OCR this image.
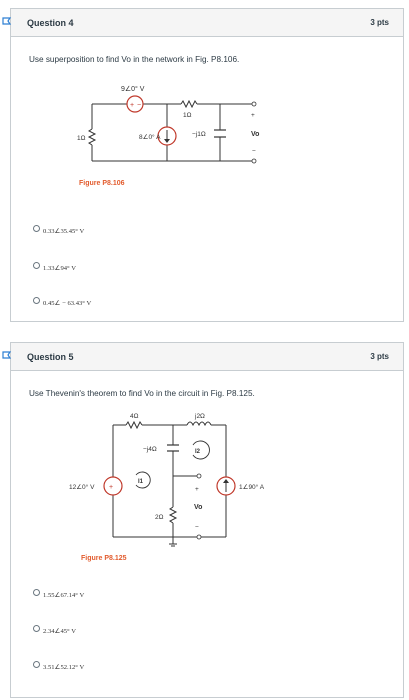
Question 4	3 pts
Use superposition to find Vo in the network in Fig. P8.106.
+ −
9∠0° V
8∠0° A
1Ω
1Ω
−j1Ω
+
Vo
−
Figure P8.106
0.33∠35.45° V
1.33∠94° V
0.45∠ − 63.43° V
Question 5	3 pts
Use Thevenin's theorem to find Vo in the circuit in Fig. P8.125.
+
4Ω	j2Ω
−j4Ω
12∠0° V	1∠90° A
2Ω
I1
I2
+
Vo
−
Figure P8.125
1.55∠67.14° V
2.34∠45° V
3.51∠52.12° V
